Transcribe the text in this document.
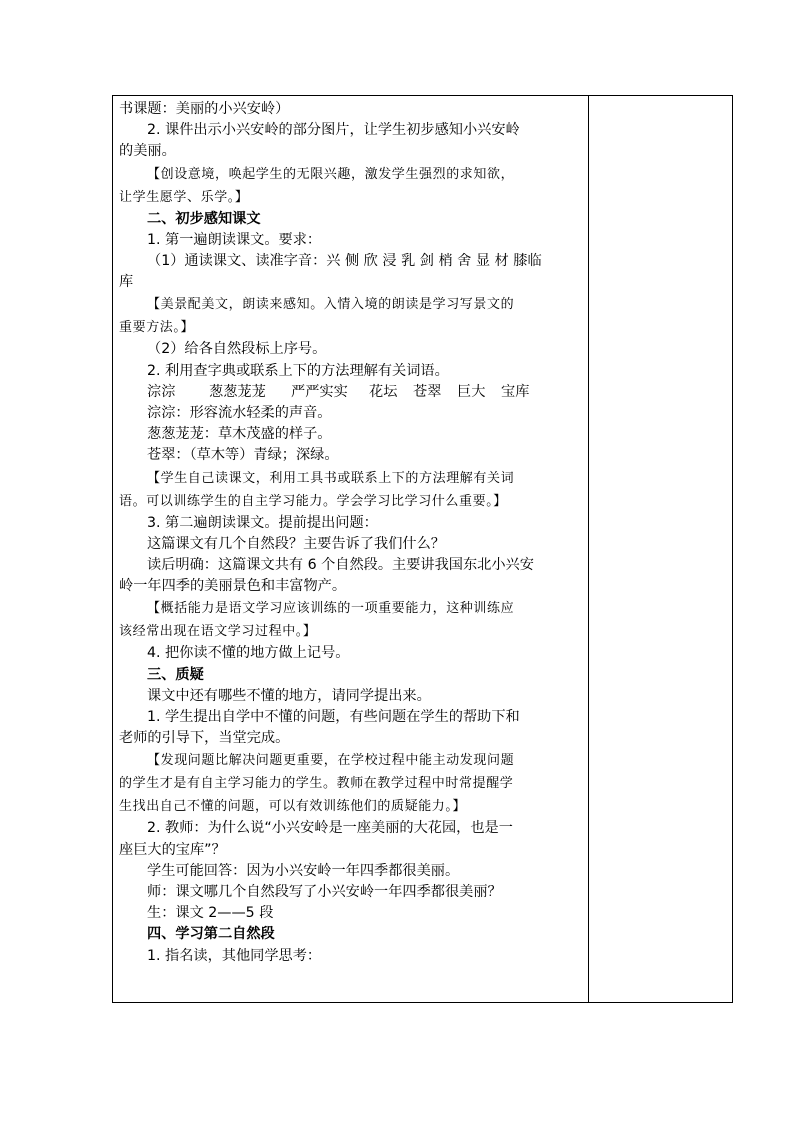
书课题：美丽的小兴安岭）
2. 课件出示小兴安岭的部分图片，让学生初步感知小兴安岭
的美丽。
【创设意境，唤起学生的无限兴趣，激发学生强烈的求知欲，
让学生愿学、乐学。】
二、初步感知课文
1. 第一遍朗读课文。要求：
（1）通读课文、读准字音：兴 侧 欣 浸 乳 剑 梢 舍 显 材 膝临
库
【美景配美文，朗读来感知。入情入境的朗读是学习写景文的
重要方法。】
（2）给各自然段标上序号。
2. 利用查字典或联系上下的方法理解有关词语。
淙淙 葱葱茏茏 严严实实 花坛 苍翠 巨大 宝库
淙淙：形容流水轻柔的声音。
葱葱茏茏：草木茂盛的样子。
苍翠：（草木等）青绿；深绿。
【学生自己读课文，利用工具书或联系上下的方法理解有关词
语。可以训练学生的自主学习能力。学会学习比学习什么重要。】
3. 第二遍朗读课文。提前提出问题：
这篇课文有几个自然段？主要告诉了我们什么？
读后明确：这篇课文共有 6 个自然段。主要讲我国东北小兴安
岭一年四季的美丽景色和丰富物产。
【概括能力是语文学习应该训练的一项重要能力，这种训练应
该经常出现在语文学习过程中。】
4. 把你读不懂的地方做上记号。
三、质疑
课文中还有哪些不懂的地方，请同学提出来。
1. 学生提出自学中不懂的问题，有些问题在学生的帮助下和
老师的引导下，当堂完成。
【发现问题比解决问题更重要，在学校过程中能主动发现问题
的学生才是有自主学习能力的学生。教师在教学过程中时常提醒学
生找出自己不懂的问题，可以有效训练他们的质疑能力。】
2. 教师：为什么说“小兴安岭是一座美丽的大花园，也是一
座巨大的宝库”？
学生可能回答：因为小兴安岭一年四季都很美丽。
师：课文哪几个自然段写了小兴安岭一年四季都很美丽？
生：课文 2——5 段
四、学习第二自然段
1. 指名读，其他同学思考：
